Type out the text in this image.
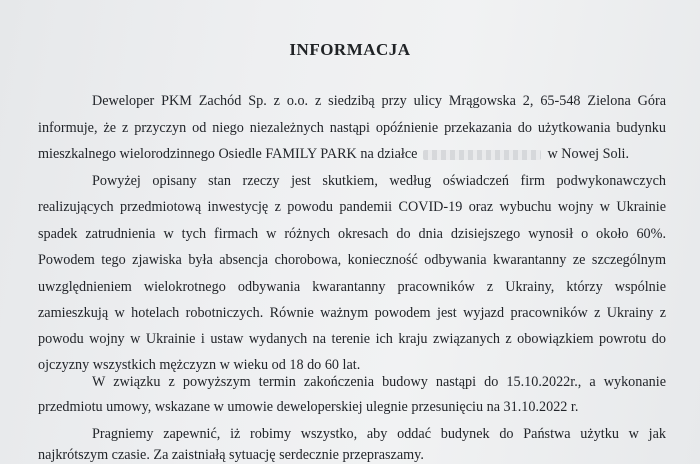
INFORMACJA
Deweloper PKM Zachód Sp. z o.o. z siedzibą przy ulicy Mrągowska 2, 65-548 Zielona Góra
informuje, że z przyczyn od niego niezależnych nastąpi opóźnienie przekazania do użytkowania budynku
mieszkalnego wielorodzinnego Osiedle FAMILY PARK na działce	w Nowej Soli.
Powyżej opisany stan rzeczy jest skutkiem, według oświadczeń firm podwykonawczych
realizujących przedmiotową inwestycję z powodu pandemii COVID-19 oraz wybuchu wojny w Ukrainie
spadek zatrudnienia w tych firmach w różnych okresach do dnia dzisiejszego wynosił o około 60%.
Powodem tego zjawiska była absencja chorobowa, konieczność odbywania kwarantanny ze szczególnym
uwzględnieniem wielokrotnego odbywania kwarantanny pracowników z Ukrainy, którzy wspólnie
zamieszkują w hotelach robotniczych. Równie ważnym powodem jest wyjazd pracowników z Ukrainy z
powodu wojny w Ukrainie i ustaw wydanych na terenie ich kraju związanych z obowiązkiem powrotu do
ojczyzny wszystkich mężczyzn w wieku od 18 do 60 lat.
W związku z powyższym termin zakończenia budowy nastąpi do 15.10.2022r., a wykonanie
przedmiotu umowy, wskazane w umowie deweloperskiej ulegnie przesunięciu na 31.10.2022 r.
Pragniemy zapewnić, iż robimy wszystko, aby oddać budynek do Państwa użytku w jak
najkrótszym czasie. Za zaistniałą sytuację serdecznie przepraszamy.
